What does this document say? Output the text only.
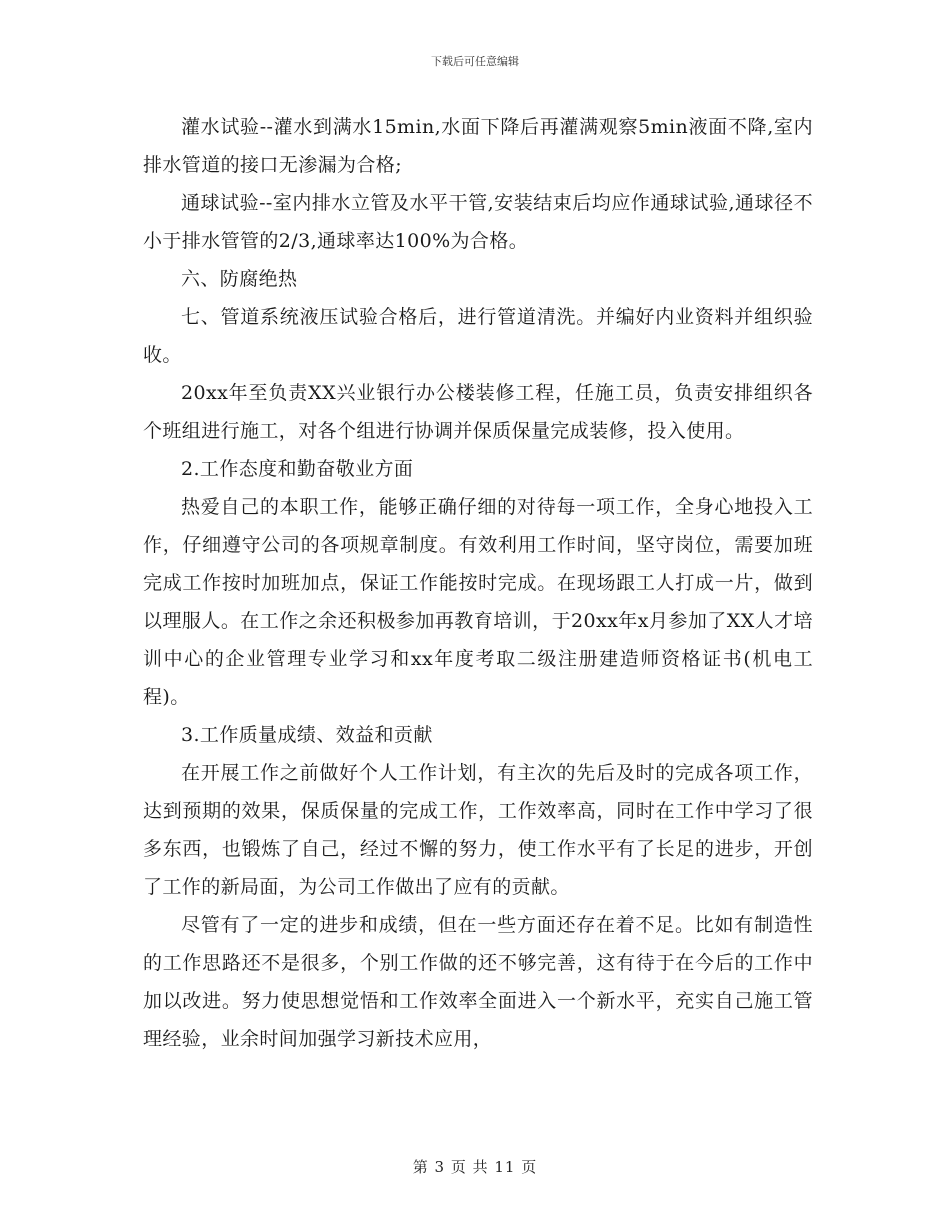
下载后可任意编辑

灌水试验--灌水到满水15min,水面下降后再灌满观察5min液面不降,室内排水管道的接口无渗漏为合格;

通球试验--室内排水立管及水平干管,安装结束后均应作通球试验,通球径不小于排水管管的2/3,通球率达100%为合格。

六、防腐绝热

七、管道系统液压试验合格后，进行管道清洗。并编好内业资料并组织验收。

20xx年至负责XX兴业银行办公楼装修工程，任施工员，负责安排组织各个班组进行施工，对各个组进行协调并保质保量完成装修，投入使用。

2.工作态度和勤奋敬业方面

热爱自己的本职工作，能够正确仔细的对待每一项工作，全身心地投入工作，仔细遵守公司的各项规章制度。有效利用工作时间，坚守岗位，需要加班完成工作按时加班加点，保证工作能按时完成。在现场跟工人打成一片，做到以理服人。在工作之余还积极参加再教育培训，于20xx年x月参加了XX人才培训中心的企业管理专业学习和xx年度考取二级注册建造师资格证书(机电工程)。

3.工作质量成绩、效益和贡献

在开展工作之前做好个人工作计划，有主次的先后及时的完成各项工作，达到预期的效果，保质保量的完成工作，工作效率高，同时在工作中学习了很多东西，也锻炼了自己，经过不懈的努力，使工作水平有了长足的进步，开创了工作的新局面，为公司工作做出了应有的贡献。

尽管有了一定的进步和成绩，但在一些方面还存在着不足。比如有制造性的工作思路还不是很多，个别工作做的还不够完善，这有待于在今后的工作中加以改进。努力使思想觉悟和工作效率全面进入一个新水平，充实自己施工管理经验，业余时间加强学习新技术应用，

第 3 页 共 11 页
